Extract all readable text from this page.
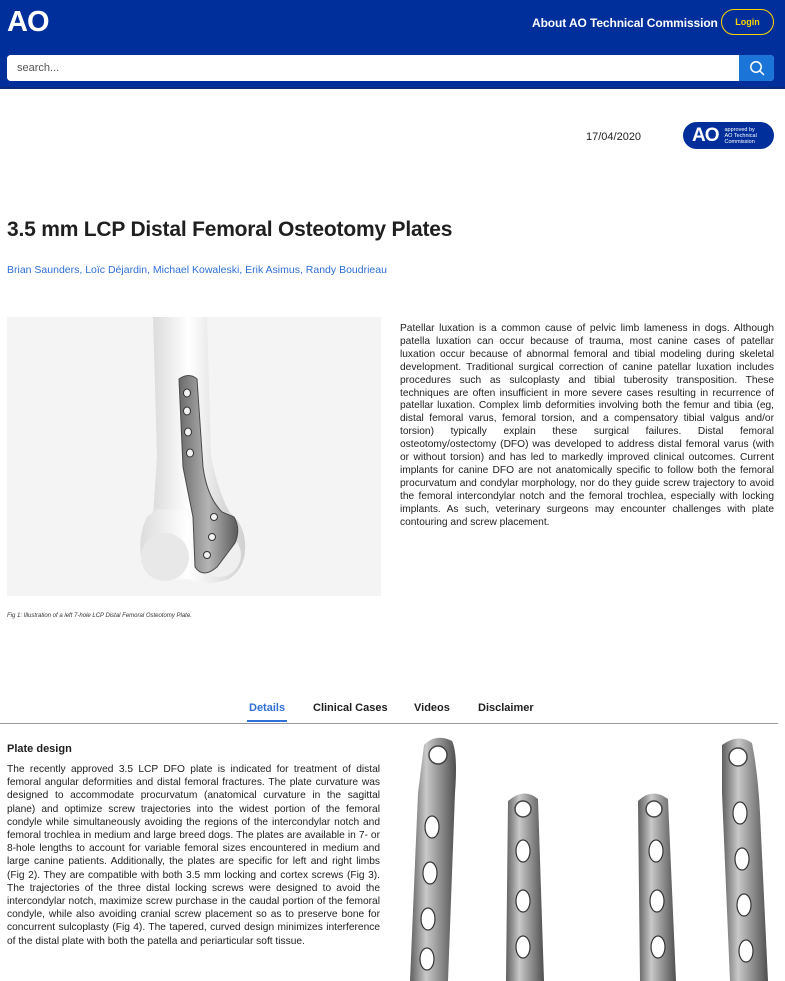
AO	About AO Technical Commission	Login
search...
17/04/2020	AO approved by
AO Technical
Commission
3.5 mm LCP Distal Femoral Osteotomy Plates
Brian Saunders, Loïc Déjardin, Michael Kowaleski, Erik Asimus, Randy Boudrieau
Fig 1: Illustration of a left 7-hole LCP Distal Femoral Osteotomy Plate.

Patellar luxation is a common cause of pelvic limb lameness in dogs. Although patella luxation can occur because of trauma, most canine cases of patellar luxation occur because of abnormal femoral and tibial modeling during skeletal development. Traditional surgical correction of canine patellar luxation includes procedures such as sulcoplasty and tibial tuberosity transposition. These techniques are often insufficient in more severe cases resulting in recurrence of patellar luxation. Complex limb deformities involving both the femur and tibia (eg, distal femoral varus, femoral torsion, and a compensatory tibial valgus and/or torsion) typically explain these surgical failures. Distal femoral osteotomy/ostectomy (DFO) was developed to address distal femoral varus (with or without torsion) and has led to markedly improved clinical outcomes. Current implants for canine DFO are not anatomically specific to follow both the femoral procurvatum and condylar morphology, nor do they guide screw trajectory to avoid the femoral intercondylar notch and the femoral trochlea, especially with locking implants. As such, veterinary surgeons may encounter challenges with plate contouring and screw placement.

Details	Clinical Cases Videos	Disclaimer
Plate design

The recently approved 3.5 LCP DFO plate is indicated for treatment of distal femoral angular deformities and distal femoral fractures. The plate curvature was designed to accommodate procurvatum (anatomical curvature in the sagittal plane) and optimize screw trajectories into the widest portion of the femoral condyle while simultaneously avoiding the regions of the intercondylar notch and femoral trochlea in medium and large breed dogs. The plates are available in 7- or 8-hole lengths to account for variable femoral sizes encountered in medium and large canine patients. Additionally, the plates are specific for left and right limbs (Fig 2). They are compatible with both 3.5 mm locking and cortex screws (Fig 3). The trajectories of the three distal locking screws were designed to avoid the intercondylar notch, maximize screw purchase in the caudal portion of the femoral condyle, while also avoiding cranial screw placement so as to preserve bone for concurrent sulcoplasty (Fig 4). The tapered, curved design minimizes interference of the distal plate with both the patella and periarticular soft tissue.
